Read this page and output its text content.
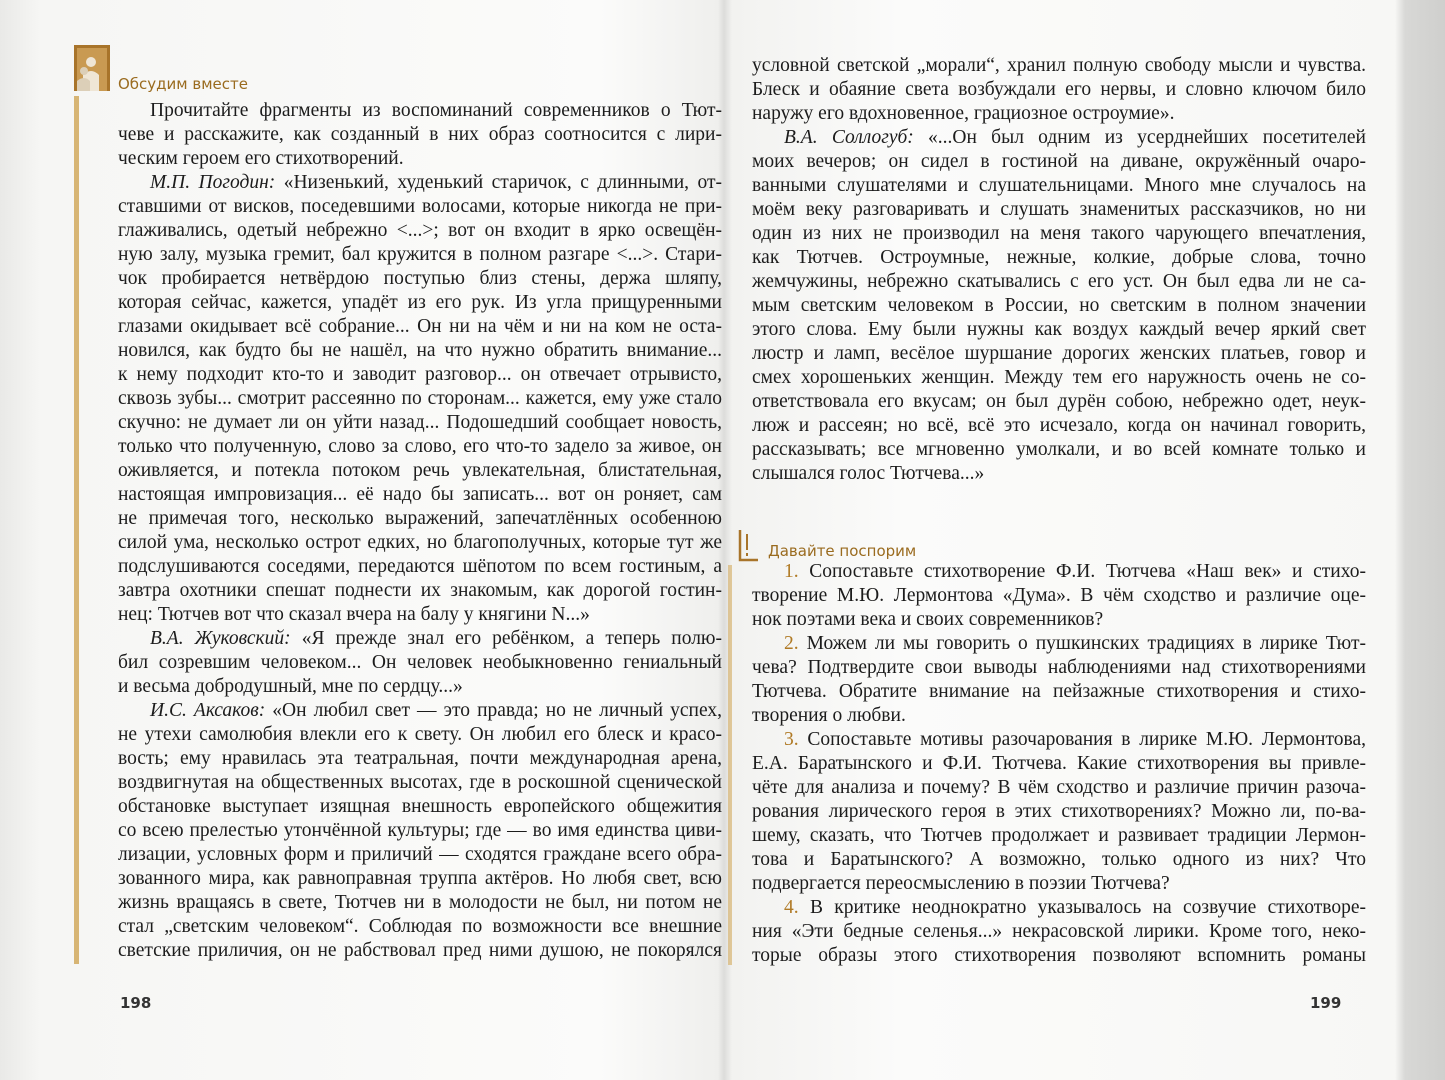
Обсудим вместе
Прочитайте фрагменты из воспоминаний современников о Тют-
чеве и расскажите, как созданный в них образ соотносится с лири-
ческим героем его стихотворений.
М.П. Погодин: «Низенький, худенький старичок, с длинными, от-
ставшими от висков, поседевшими волосами, которые никогда не при-
глаживались, одетый небрежно <...>; вот он входит в ярко освещён-
ную залу, музыка гремит, бал кружится в полном разгаре <...>. Стари-
чок пробирается нетвёрдою поступью близ стены, держа шляпу,
которая сейчас, кажется, упадёт из его рук. Из угла прищуренными
глазами окидывает всё собрание... Он ни на чём и ни на ком не оста-
новился, как будто бы не нашёл, на что нужно обратить внимание...
к нему подходит кто-то и заводит разговор... он отвечает отрывисто,
сквозь зубы... смотрит рассеянно по сторонам... кажется, ему уже стало
скучно: не думает ли он уйти назад... Подошедший сообщает новость,
только что полученную, слово за слово, его что-то задело за живое, он
оживляется, и потекла потоком речь увлекательная, блистательная,
настоящая импровизация... её надо бы записать... вот он роняет, сам
не примечая того, несколько выражений, запечатлённых особенною
силой ума, несколько острот едких, но благополучных, которые тут же
подслушиваются соседями, передаются шёпотом по всем гостиным, а
завтра охотники спешат поднести их знакомым, как дорогой гостин-
нец: Тютчев вот что сказал вчера на балу у княгини N...»
В.А. Жуковский: «Я прежде знал его ребёнком, а теперь полю-
бил созревшим человеком... Он человек необыкновенно гениальный
и весьма добродушный, мне по сердцу...»
И.С. Аксаков: «Он любил свет — это правда; но не личный успех,
не утехи самолюбия влекли его к свету. Он любил его блеск и красо-
вость; ему нравилась эта театральная, почти международная арена,
воздвигнутая на общественных высотах, где в роскошной сценической
обстановке выступает изящная внешность европейского общежития
со всею прелестью утончённой культуры; где — во имя единства циви-
лизации, условных форм и приличий — сходятся граждане всего обра-
зованного мира, как равноправная труппа актёров. Но любя свет, всю
жизнь вращаясь в свете, Тютчев ни в молодости не был, ни потом не
стал „светским человеком“. Соблюдая по возможности все внешние
светские приличия, он не рабствовал пред ними душою, не покорялся
условной светской „морали“, хранил полную свободу мысли и чувства.
Блеск и обаяние света возбуждали его нервы, и словно ключом било
наружу его вдохновенное, грациозное остроумие».
В.А. Соллогуб: «...Он был одним из усерднейших посетителей
моих вечеров; он сидел в гостиной на диване, окружённый очаро-
ванными слушателями и слушательницами. Много мне случалось на
моём веку разговаривать и слушать знаменитых рассказчиков, но ни
один из них не производил на меня такого чарующего впечатления,
как Тютчев. Остроумные, нежные, колкие, добрые слова, точно
жемчужины, небрежно скатывались с его уст. Он был едва ли не са-
мым светским человеком в России, но светским в полном значении
этого слова. Ему были нужны как воздух каждый вечер яркий свет
люстр и ламп, весёлое шуршание дорогих женских платьев, говор и
смех хорошеньких женщин. Между тем его наружность очень не со-
ответствовала его вкусам; он был дурён собою, небрежно одет, неук-
люж и рассеян; но всё, всё это исчезало, когда он начинал говорить,
рассказывать; все мгновенно умолкали, и во всей комнате только и
слышался голос Тютчева...»
Давайте поспорим
1. Сопоставьте стихотворение Ф.И. Тютчева «Наш век» и стихо-
творение М.Ю. Лермонтова «Дума». В чём сходство и различие оце-
нок поэтами века и своих современников?
2. Можем ли мы говорить о пушкинских традициях в лирике Тют-
чева? Подтвердите свои выводы наблюдениями над стихотворениями
Тютчева. Обратите внимание на пейзажные стихотворения и стихо-
творения о любви.
3. Сопоставьте мотивы разочарования в лирике М.Ю. Лермонтова,
Е.А. Баратынского и Ф.И. Тютчева. Какие стихотворения вы привле-
чёте для анализа и почему? В чём сходство и различие причин разоча-
рования лирического героя в этих стихотворениях? Можно ли, по-ва-
шему, сказать, что Тютчев продолжает и развивает традиции Лермон-
това и Баратынского? А возможно, только одного из них? Что
подвергается переосмыслению в поэзии Тютчева?
4. В критике неоднократно указывалось на созвучие стихотворе-
ния «Эти бедные селенья...» некрасовской лирики. Кроме того, неко-
торые образы этого стихотворения позволяют вспомнить романы
198	199
